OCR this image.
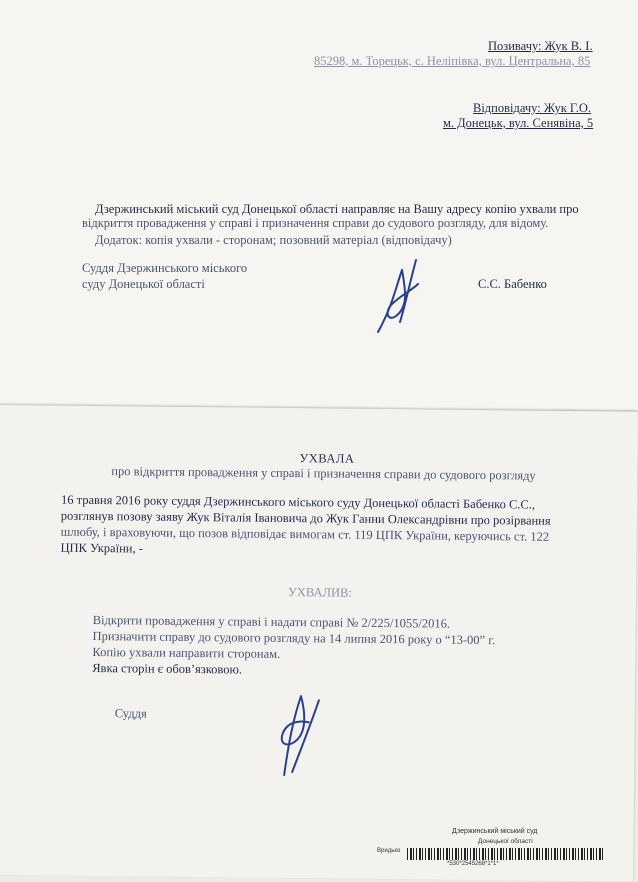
Позивачу: Жук В. І.
85298, м. Торецьк, с. Неліпівка, вул. Центральна, 85
Відповідачу: Жук Г.О.
м. Донецьк, вул. Сенявіна, 5
Дзержинський міський суд Донецької області направляє на Вашу адресу копію ухвали про
відкриття провадження у справі і призначення справи до судового розгляду, для відому.
Додаток: копія ухвали - сторонам; позовний матеріал (відповідачу)
Суддя Дзержинського міського
суду Донецької області	С.С. Бабенко
УХВАЛА
про відкриття провадження у справі і призначення справи до судового розгляду
16 травня 2016 року суддя Дзержинського міського суду Донецької області Бабенко С.С.,
розглянув позову заяву Жук Віталія Івановича до Жук Ганни Олександрівни про розірвання
шлюбу, і враховуючи, що позов відповідає вимогам ст. 119 ЦПК України, керуючись ст. 122
ЦПК України, -
УХВАЛИВ:
Відкрити провадження у справі і надати справі № 2/225/1055/2016.
Призначити справу до судового розгляду на 14 липня 2016 року о “13-00” г.
Копію ухвали направити сторонам.
Явка сторін є обов’язковою.
Суддя
Дзержинський міський суд
Донецької області
Вридько
*530*2545268*1*1*
